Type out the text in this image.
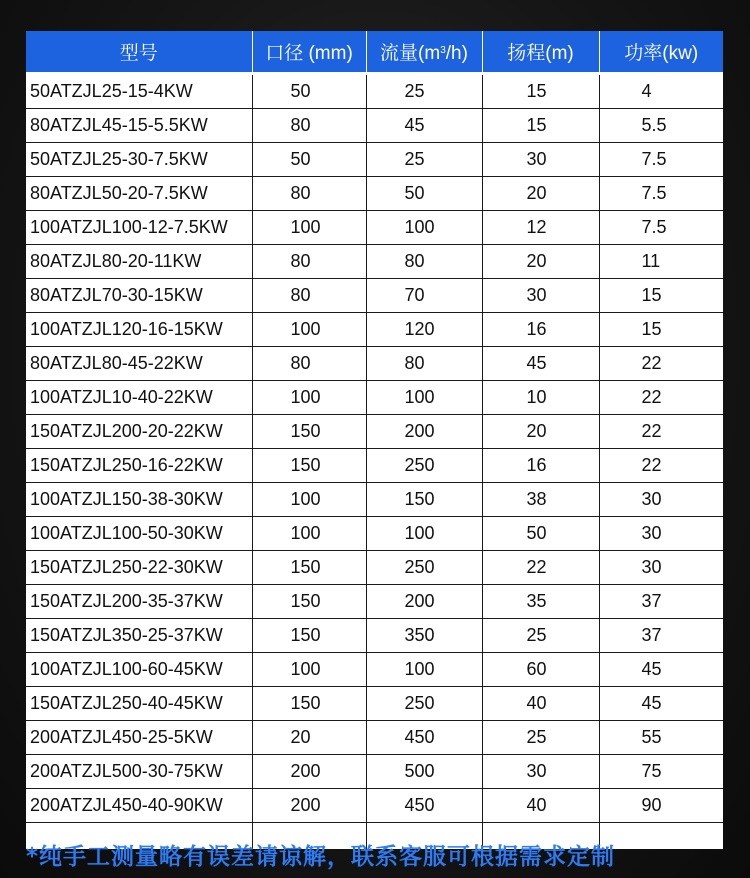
型号	口径 (mm)	流量$(m^3/h)$	扬程(m)	功率(kw)
50ATZJL25-15-4KW	50	25	15	4
80ATZJL45-15-5.5KW	80	45	15	5.5
50ATZJL25-30-7.5KW	50	25	30	7.5
80ATZJL50-20-7.5KW	80	50	20	7.5
100ATZJL100-12-7.5KW	100	100	12	7.5
80ATZJL80-20-11KW	80	80	20	11
80ATZJL70-30-15KW	80	70	30	15
100ATZJL120-16-15KW	100	120	16	15
80ATZJL80-45-22KW	80	80	45	22
100ATZJL10-40-22KW	100	100	10	22
150ATZJL200-20-22KW	150	200	20	22
150ATZJL250-16-22KW	150	250	16	22
100ATZJL150-38-30KW	100	150	38	30
100ATZJL100-50-30KW	100	100	50	30
150ATZJL250-22-30KW	150	250	22	30
150ATZJL200-35-37KW	150	200	35	37
150ATZJL350-25-37KW	150	350	25	37
100ATZJL100-60-45KW	100	100	60	45
150ATZJL250-40-45KW	150	250	40	45
200ATZJL450-25-5KW	20	450	25	55
200ATZJL500-30-75KW	200	500	30	75
200ATZJL450-40-90KW	200	450	40	90

*纯手工测量略有误差请谅解，联系客服可根据需求定制
